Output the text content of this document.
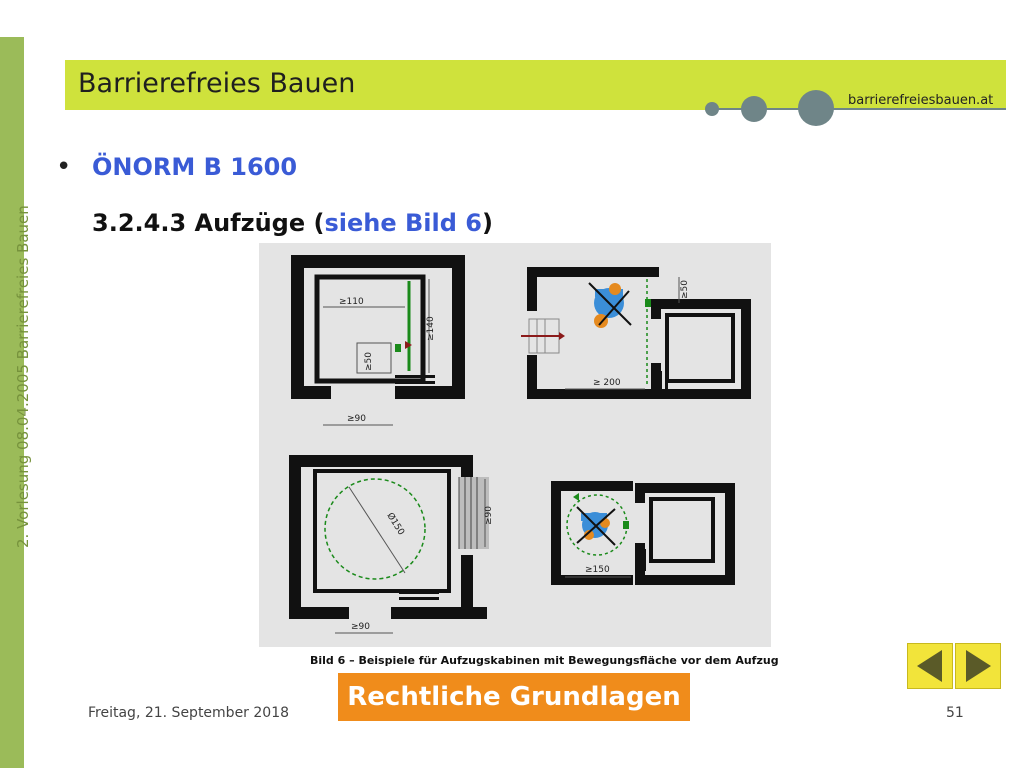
2. Vorlesung 08.04.2005 Barrierefreies Bauen
Barrierefreies Bauen
barrierefreiesbauen.at
• ÖNORM B 1600
3.2.4.3 Aufzüge (siehe Bild 6)
≥110
≥140
≥50
≥90
≥50
≥ 200
Ø150	≥90
≥90
≥150
Bild 6 – Beispiele für Aufzugskabinen mit Bewegungsfläche vor dem Aufzug
Rechtliche Grundlagen
Freitag, 21. September 2018	51
